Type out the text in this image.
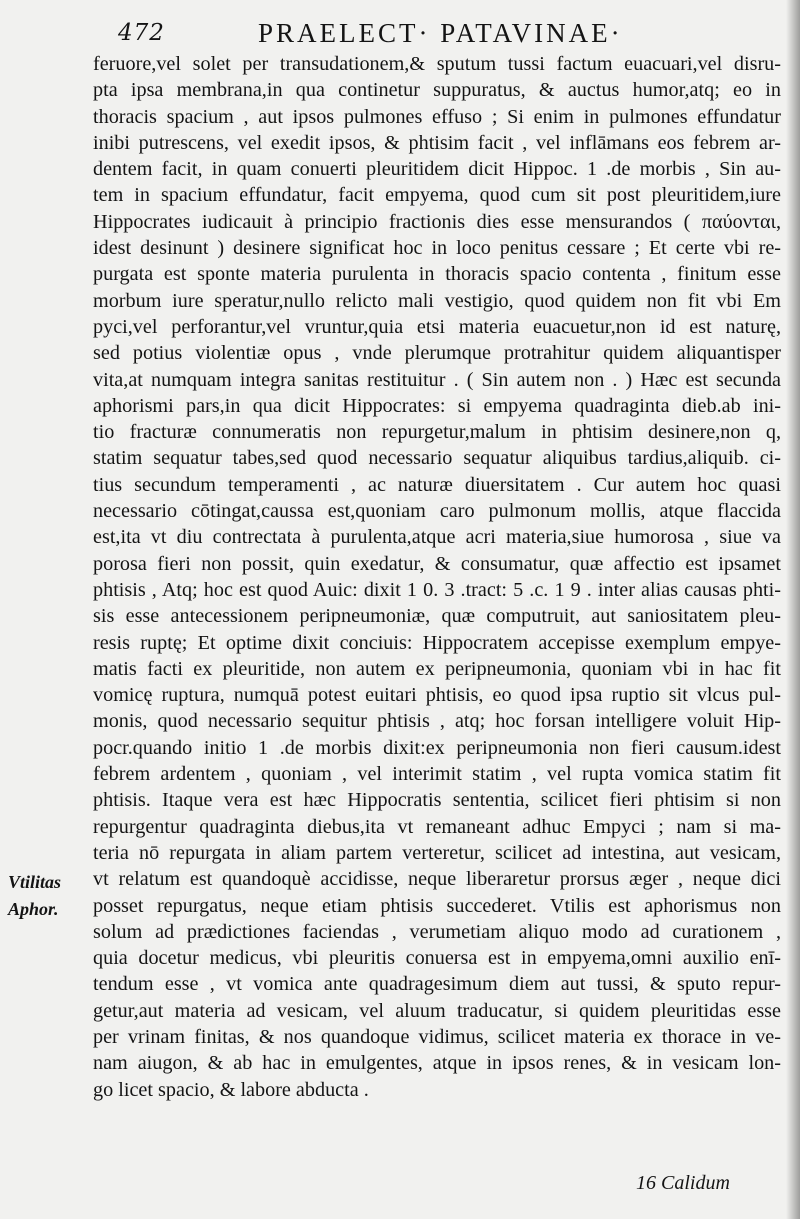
472	PRAELECT· PATAVINAE·
feruore,vel solet per transudationem,& sputum tussi factum euacuari,vel disru-
pta ipsa membrana,in qua continetur suppuratus, & auctus humor,atq; eo in
thoracis spacium , aut ipsos pulmones effuso ; Si enim in pulmones effundatur
inibi putrescens, vel exedit ipsos, & phtisim facit , vel inflāmans eos febrem ar-
dentem facit, in quam conuerti pleuritidem dicit Hippoc. 1 .de morbis , Sin au-
tem in spacium effundatur, facit empyema, quod cum sit post pleuritidem,iure
Hippocrates iudicauit à principio fractionis dies esse mensurandos ( παύονται,
idest desinunt ) desinere significat hoc in loco penitus cessare ; Et certe vbi re-
purgata est sponte materia purulenta in thoracis spacio contenta , finitum esse
morbum iure speratur,nullo relicto mali vestigio, quod quidem non fit vbi Em
pyci,vel perforantur,vel vruntur,quia etsi materia euacuetur,non id est naturę,
sed potius violentiæ opus , vnde plerumque protrahitur quidem aliquantisper
vita,at numquam integra sanitas restituitur . ( Sin autem non . ) Hæc est secunda
aphorismi pars,in qua dicit Hippocrates: si empyema quadraginta dieb.ab ini-
tio fracturæ connumeratis non repurgetur,malum in phtisim desinere,non q,
statim sequatur tabes,sed quod necessario sequatur aliquibus tardius,aliquib. ci-
tius secundum temperamenti , ac naturæ diuersitatem . Cur autem hoc quasi
necessario cōtingat,caussa est,quoniam caro pulmonum mollis, atque flaccida
est,ita vt diu contrectata à purulenta,atque acri materia,siue humorosa , siue va
porosa fieri non possit, quin exedatur, & consumatur, quæ affectio est ipsamet
phtisis , Atq; hoc est quod Auic: dixit 1 0. 3 .tract: 5 .c. 1 9 . inter alias causas phti-
sis esse antecessionem peripneumoniæ, quæ computruit, aut saniositatem pleu-
resis ruptę; Et optime dixit conciuis: Hippocratem accepisse exemplum empye-
matis facti ex pleuritide, non autem ex peripneumonia, quoniam vbi in hac fit
vomicę ruptura, numquā potest euitari phtisis, eo quod ipsa ruptio sit vlcus pul-
monis, quod necessario sequitur phtisis , atq; hoc forsan intelligere voluit Hip-
pocr.quando initio 1 .de morbis dixit:ex peripneumonia non fieri causum.idest
febrem ardentem , quoniam , vel interimit statim , vel rupta vomica statim fit
phtisis. Itaque vera est hæc Hippocratis sententia, scilicet fieri phtisim si non
repurgentur quadraginta diebus,ita vt remaneant adhuc Empyci ; nam si ma-
teria nō repurgata in aliam partem verteretur, scilicet ad intestina, aut vesicam,
vt relatum est quandoquè accidisse, neque liberaretur prorsus æger , neque dici
posset repurgatus, neque etiam phtisis succederet. Vtilis est aphorismus non
solum ad prædictiones faciendas , verumetiam aliquo modo ad curationem ,
quia docetur medicus, vbi pleuritis conuersa est in empyema,omni auxilio enī-
tendum esse , vt vomica ante quadragesimum diem aut tussi, & sputo repur-
getur,aut materia ad vesicam, vel aluum traducatur, si quidem pleuritidas esse
per vrinam finitas, & nos quandoque vidimus, scilicet materia ex thorace in ve-
nam aiugon, & ab hac in emulgentes, atque in ipsos renes, & in vesicam lon-
go licet spacio, & labore abducta .
Vtilitas
Aphor.
16 Calidum
